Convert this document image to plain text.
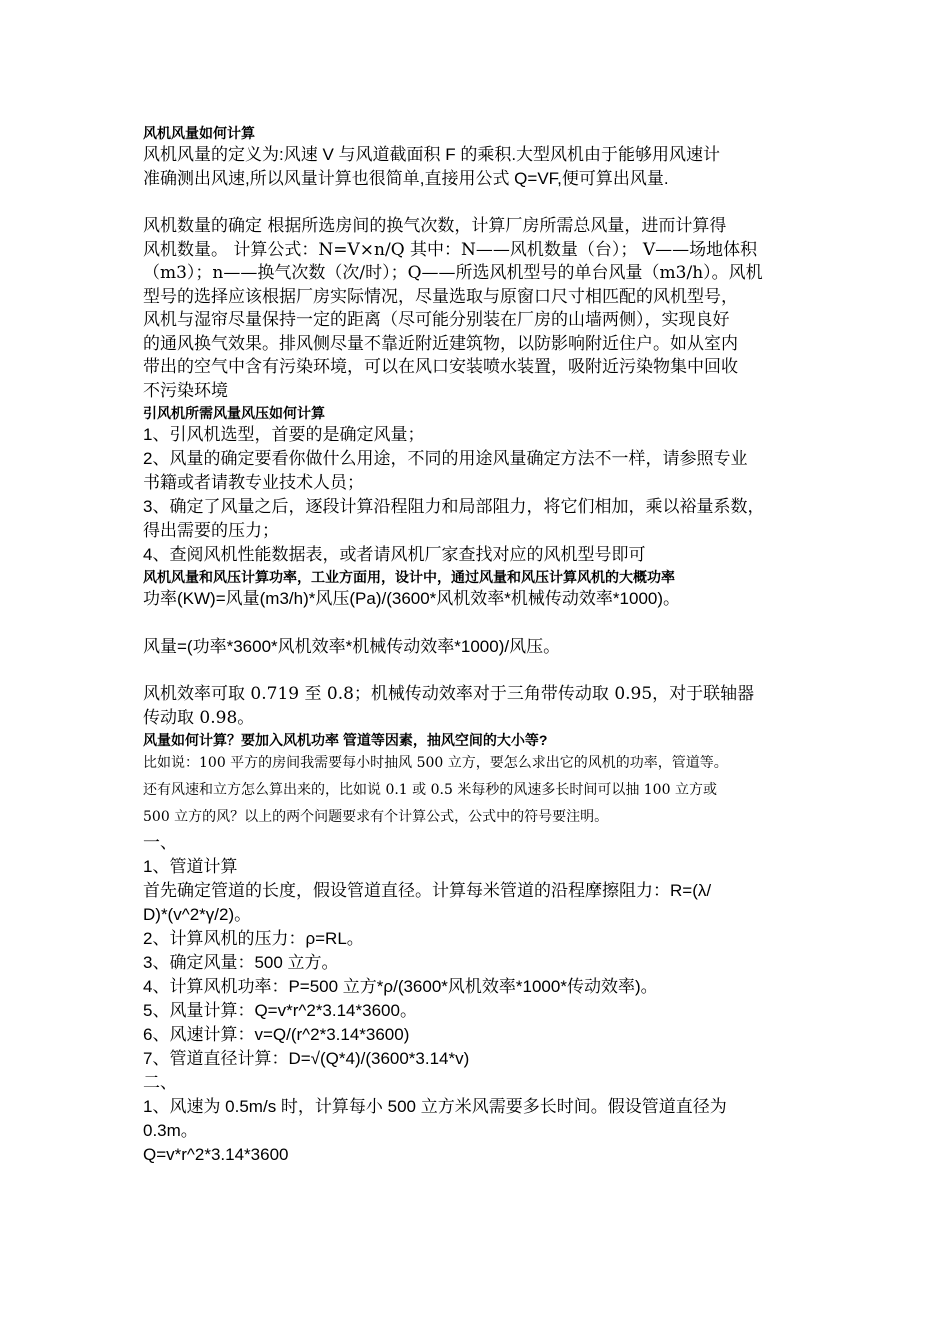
风机风量如何计算

风机风量的定义为:风速 V 与风道截面积 F 的乘积.大型风机由于能够用风速计
准确测出风速,所以风量计算也很简单,直接用公式 Q=VF,便可算出风量.

风机数量的确定 根据所选房间的换气次数，计算厂房所需总风量，进而计算得
风机数量。 计算公式：N=V×n/Q 其中：N——风机数量（台）； V——场地体积
（m3）；n——换气次数（次/时）；Q——所选风机型号的单台风量（m3/h）。风机
型号的选择应该根据厂房实际情况，尽量选取与原窗口尺寸相匹配的风机型号，
风机与湿帘尽量保持一定的距离（尽可能分别装在厂房的山墙两侧），实现良好
的通风换气效果。排风侧尽量不靠近附近建筑物，以防影响附近住户。如从室内
带出的空气中含有污染环境，可以在风口安装喷水装置，吸附近污染物集中回收
不污染环境

引风机所需风量风压如何计算

1、引风机选型，首要的是确定风量；
2、风量的确定要看你做什么用途，不同的用途风量确定方法不一样，请参照专业
书籍或者请教专业技术人员；
3、确定了风量之后，逐段计算沿程阻力和局部阻力，将它们相加，乘以裕量系数，
得出需要的压力；
4、查阅风机性能数据表，或者请风机厂家查找对应的风机型号即可

风机风量和风压计算功率，工业方面用，设计中，通过风量和风压计算风机的大概功率

功率(KW)=风量(m3/h)*风压(Pa)/(3600*风机效率*机械传动效率*1000)。

风量=(功率*3600*风机效率*机械传动效率*1000)/风压。

风机效率可取 0.719 至 0.8；机械传动效率对于三角带传动取 0.95，对于联轴器
传动取 0.98。

风量如何计算？要加入风机功率 管道等因素，抽风空间的大小等?

比如说：100 平方的房间我需要每小时抽风 500 立方，要怎么求出它的风机的功率，管道等。
还有风速和立方怎么算出来的，比如说 0.1 或 0.5 米每秒的风速多长时间可以抽 100 立方或
500 立方的风？以上的两个问题要求有个计算公式，公式中的符号要注明。

一、
1、管道计算
首先确定管道的长度，假设管道直径。计算每米管道的沿程摩擦阻力：R=(λ/
D)*(v^2*γ/2)。
2、计算风机的压力：ρ=RL。
3、确定风量：500 立方。
4、计算风机功率：P=500 立方*ρ/(3600*风机效率*1000*传动效率)。
5、风量计算：Q=v*r^2*3.14*3600。
6、风速计算：v=Q/(r^2*3.14*3600)
7、管道直径计算：D=√(Q*4)/(3600*3.14*v)

二、
1、风速为 0.5m/s 时，计算每小 500 立方米风需要多长时间。假设管道直径为
0.3m。
Q=v*r^2*3.14*3600
